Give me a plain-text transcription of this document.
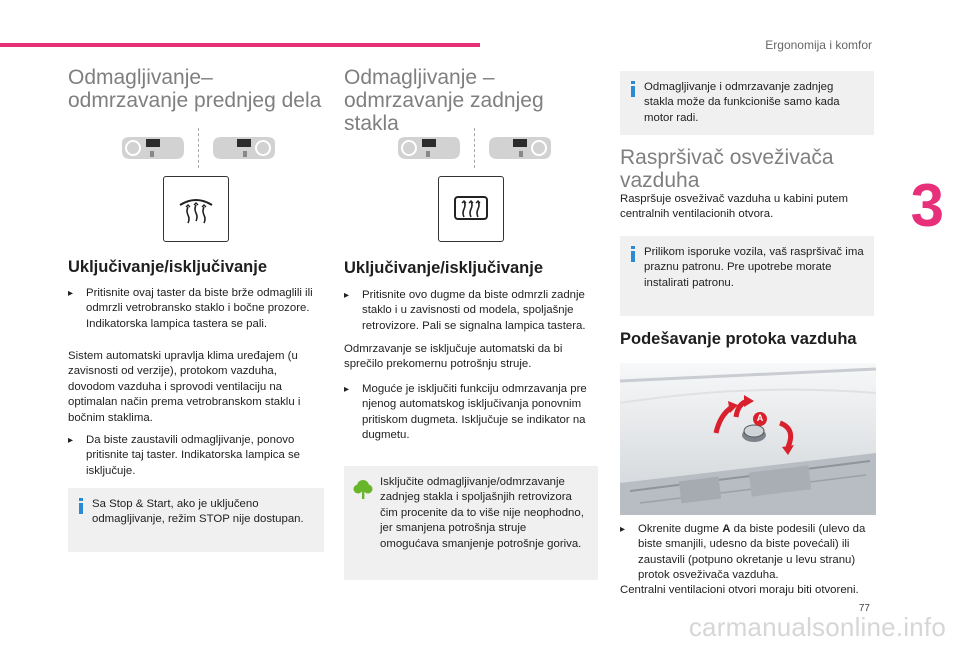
Ergonomija i komfor
3
Odmagljivanje–
odmrzavanje prednjeg dela
Uključivanje/isključivanje
▸ Pritisnite ovaj taster da biste brže odmaglili ili odmrzli vetrobransko staklo i bočne prozore. Indikatorska lampica tastera se pali.

Sistem automatski upravlja klima uređajem (u zavisnosti od verzije), protokom vazduha, dovodom vazduha i sprovodi ventilaciju na optimalan način prema vetrobranskom staklu i bočnim staklima.

▸ Da biste zaustavili odmagljivanje, ponovo pritisnite taj taster. Indikatorska lampica se isključuje.
Sa Stop & Start, ako je uključeno odmagljivanje, režim STOP nije dostupan.
Odmagljivanje –
odmrzavanje zadnjeg stakla
Uključivanje/isključivanje
▸ Pritisnite ovo dugme da biste odmrzli zadnje staklo i u zavisnosti od modela, spoljašnje retrovizore. Pali se signalna lampica tastera.

Odmrzavanje se isključuje automatski da bi sprečilo prekomernu potrošnju struje.

▸ Moguće je isključiti funkciju odmrzavanja pre njenog automatskog isključivanja ponovnim pritiskom dugmeta. Isključuje se indikator na dugmetu.
Isključite odmagljivanje/odmrzavanje zadnjeg stakla i spoljašnjih retrovizora čim procenite da to više nije neophodno, jer smanjena potrošnja struje omogućava smanjenje potrošnje goriva.
Odmagljivanje i odmrzavanje zadnjeg stakla može da funkcioniše samo kada motor radi.
Raspršivač osveživača
vazduha

Raspršuje osveživač vazduha u kabini putem centralnih ventilacionih otvora.

Prilikom isporuke vozila, vaš raspršivač ima praznu patronu. Pre upotrebe morate instalirati patronu.
Podešavanje protoka vazduha
A
▸ Okrenite dugme A da biste podesili (ulevo da biste smanjili, udesno da biste povećali) ili zaustavili (potpuno okretanje u levu stranu) protok osveživača vazduha.

Centralni ventilacioni otvori moraju biti otvoreni.

77
carmanualsonline.info
